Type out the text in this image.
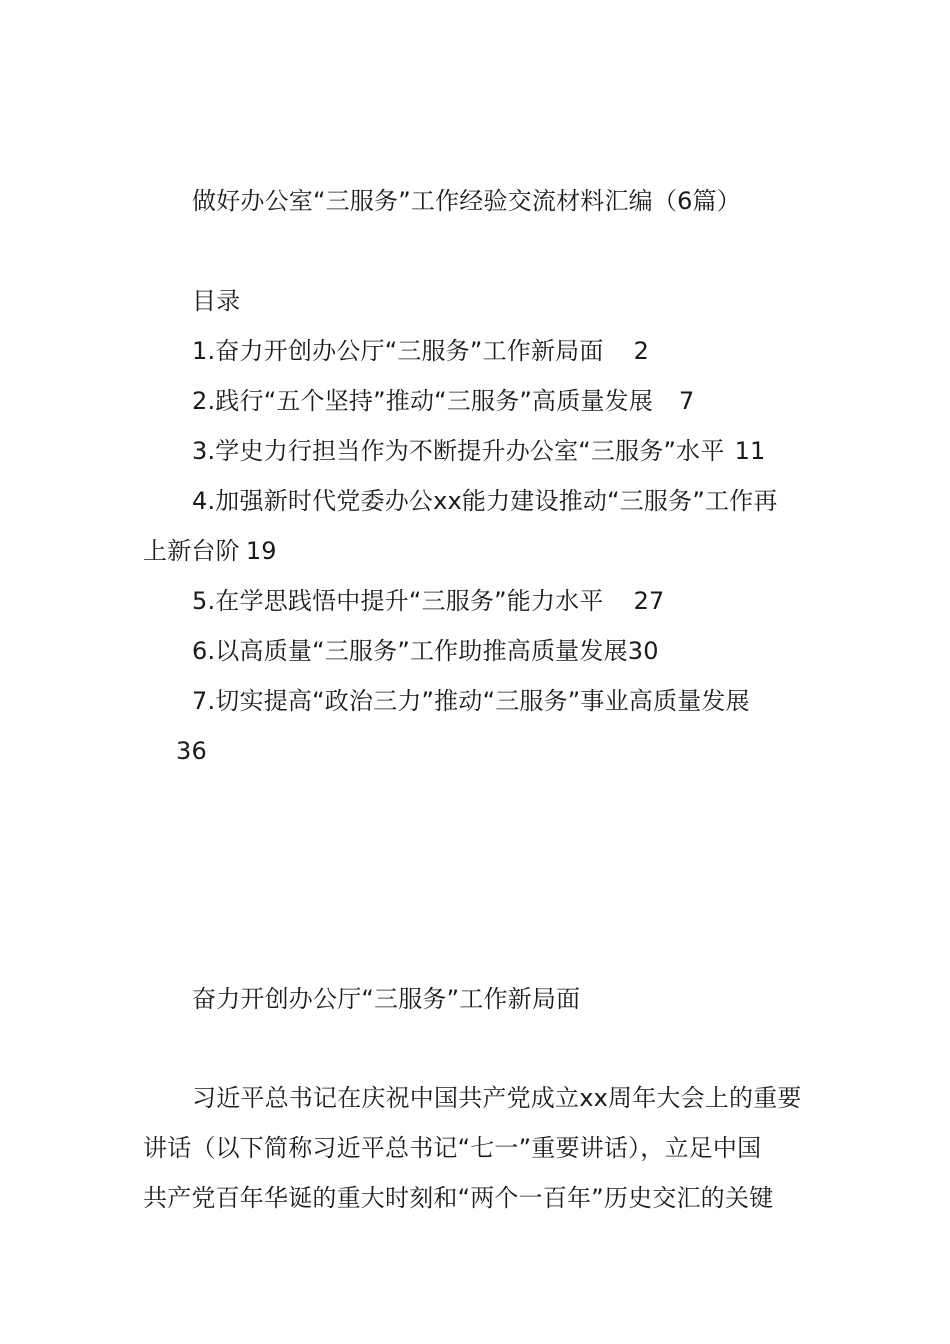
做好办公室“三服务”工作经验交流材料汇编（6篇）
目录
1.奋力开创办公厅“三服务”工作新局面 2
2.践行“五个坚持”推动“三服务”高质量发展 7
3.学史力行担当作为不断提升办公室“三服务”水平 11
4.加强新时代党委办公xx能力建设推动“三服务”工作再
上新台阶 19
5.在学思践悟中提升“三服务”能力水平 27
6.以高质量“三服务”工作助推高质量发展30
7.切实提高“政治三力”推动“三服务”事业高质量发展
36
奋力开创办公厅“三服务”工作新局面
习近平总书记在庆祝中国共产党成立xx周年大会上的重要
讲话（以下简称习近平总书记“七一”重要讲话），立足中国
共产党百年华诞的重大时刻和“两个一百年”历史交汇的关键
